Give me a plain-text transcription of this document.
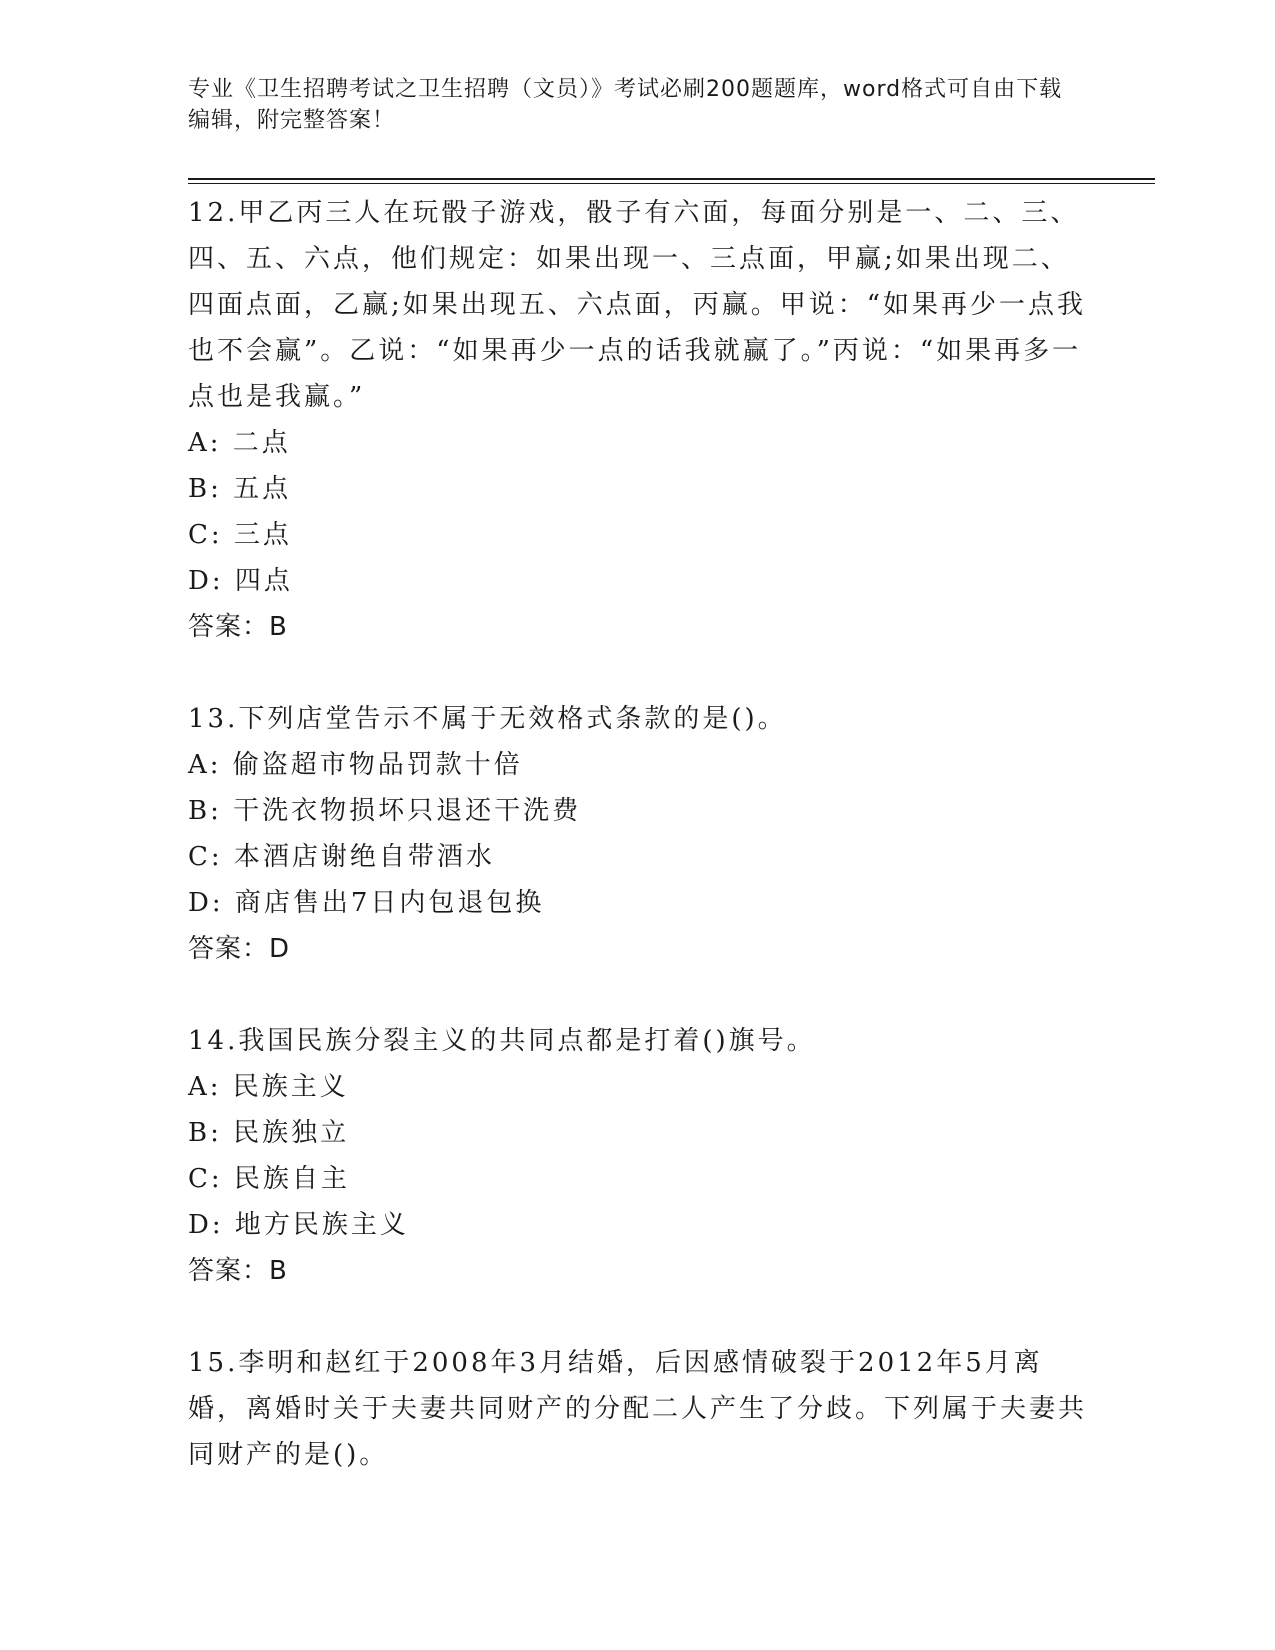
专业《卫生招聘考试之卫生招聘（文员）》考试必刷200题题库，word格式可自由下载编辑，附完整答案！

12.甲乙丙三人在玩骰子游戏，骰子有六面，每面分别是一、二、三、四、五、六点，他们规定：如果出现一、三点面，甲赢;如果出现二、四面点面，乙赢;如果出现五、六点面，丙赢。甲说：“如果再少一点我也不会赢”。乙说：“如果再少一点的话我就赢了。”丙说：“如果再多一点也是我赢。”

A: 二点

B: 五点

C: 三点

D: 四点

答案：B

13.下列店堂告示不属于无效格式条款的是()。

A: 偷盗超市物品罚款十倍

B: 干洗衣物损坏只退还干洗费

C: 本酒店谢绝自带酒水

D: 商店售出7日内包退包换

答案：D

14.我国民族分裂主义的共同点都是打着()旗号。

A: 民族主义

B: 民族独立

C: 民族自主

D: 地方民族主义

答案：B

15.李明和赵红于2008年3月结婚，后因感情破裂于2012年5月离婚，离婚时关于夫妻共同财产的分配二人产生了分歧。下列属于夫妻共同财产的是()。
